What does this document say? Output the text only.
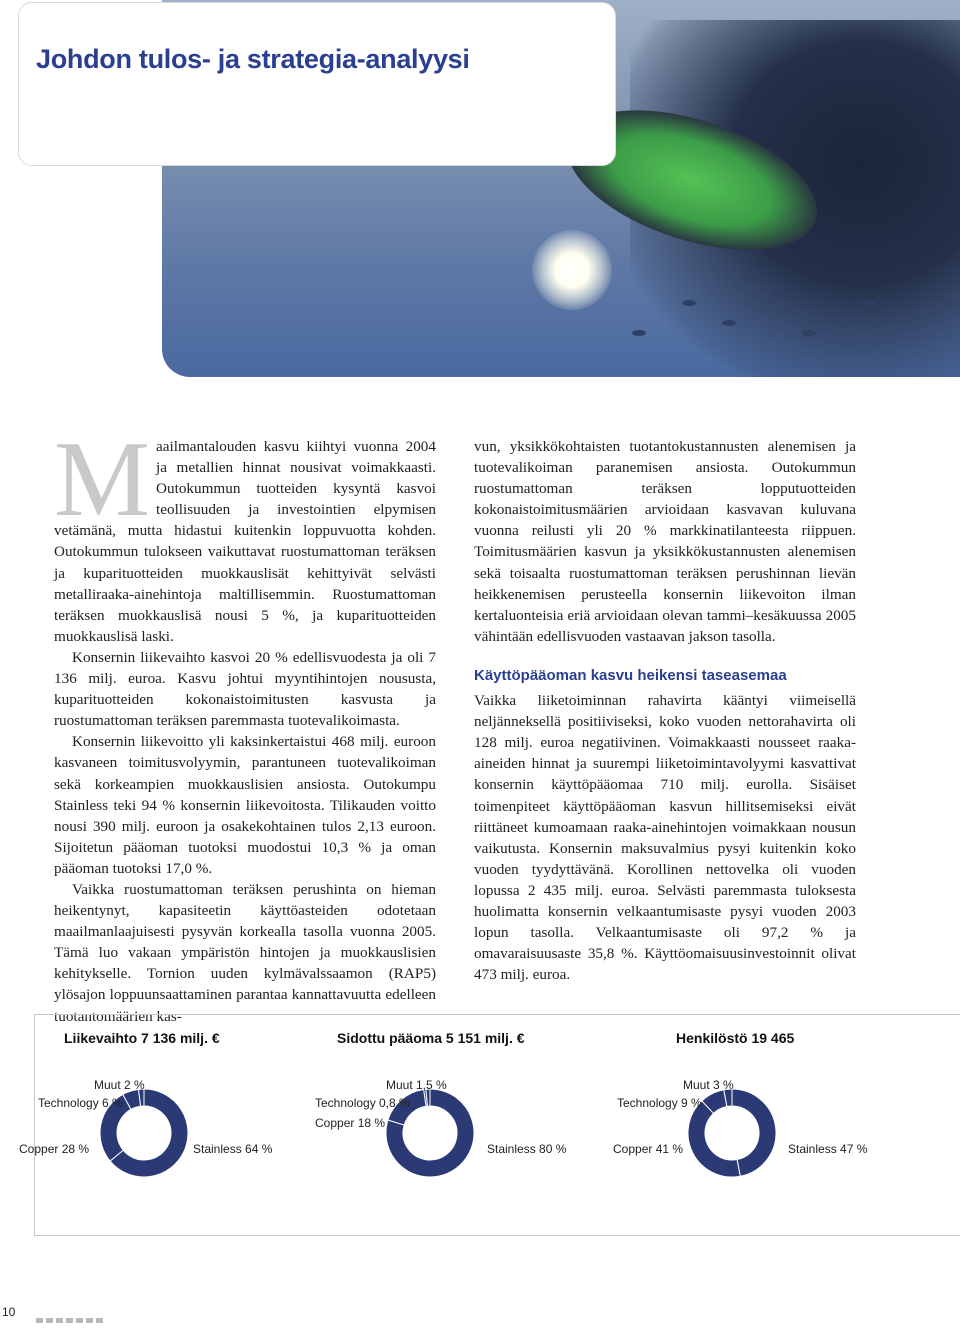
Johdon tulos- ja strategia-analyysi
M aailmantalouden kasvu kiihtyi vuonna 2004 ja metallien hinnat nousivat voimakkaasti. Outokummun tuotteiden kysyntä kasvoi teollisuuden ja investointien elpymisen vetämänä, mutta hidastui kuitenkin loppuvuotta kohden. Outokummun tulokseen vaikuttavat ruostumattoman teräksen ja kuparituotteiden muokkauslisät kehittyivät selvästi metalliraaka-ainehintoja maltillisemmin. Ruostumattoman teräksen muokkauslisä nousi 5 %, ja kuparituotteiden muokkauslisä laski.

Konsernin liikevaihto kasvoi 20 % edellisvuodesta ja oli 7 136 milj. euroa. Kasvu johtui myyntihintojen noususta, kuparituotteiden kokonaistoimitusten kasvusta ja ruostumattoman teräksen paremmasta tuotevalikoimasta.

Konsernin liikevoitto yli kaksinkertaistui 468 milj. euroon kasvaneen toimitusvolyymin, parantuneen tuotevalikoiman sekä korkeampien muokkauslisien ansiosta. Outokumpu Stainless teki 94 % konsernin liikevoitosta. Tilikauden voitto nousi 390 milj. euroon ja osakekohtainen tulos 2,13 euroon. Sijoitetun pääoman tuotoksi muodostui 10,3 % ja oman pääoman tuotoksi 17,0 %.

Vaikka ruostumattoman teräksen perushinta on hieman heikentynyt, kapasiteetin käyttöasteiden odotetaan maailmanlaajuisesti pysyvän korkealla tasolla vuonna 2005. Tämä luo vakaan ympäristön hintojen ja muokkauslisien kehitykselle. Tornion uuden kylmävalssaamon (RAP5) ylösajon loppuunsaattaminen parantaa kannattavuutta edelleen tuotantomäärien kas-

vun, yksikkökohtaisten tuotantokustannusten alenemisen ja tuotevalikoiman paranemisen ansiosta. Outokummun ruostumattoman teräksen lopputuotteiden kokonaistoimitusmäärien arvioidaan kasvavan kuluvana vuonna reilusti yli 20 % markkinatilanteesta riippuen. Toimitusmäärien kasvun ja yksikkökustannusten alenemisen sekä toisaalta ruostumattoman teräksen perushinnan lievän heikkenemisen perusteella konsernin liikevoiton ilman kertaluonteisia eriä arvioidaan olevan tammi–kesäkuussa 2005 vähintään edellisvuoden vastaavan jakson tasolla.

Käyttöpääoman kasvu heikensi taseasemaa

Vaikka liiketoiminnan rahavirta kääntyi viimeisellä neljänneksellä positiiviseksi, koko vuoden nettorahavirta oli 128 milj. euroa negatiivinen. Voimakkaasti nousseet raaka-aineiden hinnat ja suurempi liiketoimintavolyymi kasvattivat konsernin käyttöpääomaa 710 milj. eurolla. Sisäiset toimenpiteet käyttöpääoman kasvun hillitsemiseksi eivät riittäneet kumoamaan raaka-ainehintojen voimakkaan nousun vaikutusta. Konsernin maksuvalmius pysyi kuitenkin koko vuoden tyydyttävänä. Korollinen nettovelka oli vuoden lopussa 2 435 milj. euroa. Selvästi paremmasta tuloksesta huolimatta konsernin velkaantumisaste pysyi vuoden 2003 lopun tasolla. Velkaantumisaste oli 97,2 % ja omavaraisuusaste 35,8 %. Käyttöomaisuusinvestoinnit olivat 473 milj. euroa.

Liikevaihto 7 136 milj. €	Sidottu pääoma 5 151 milj. €	Henkilöstö 19 465
Muut 2 %
Technology 6 %
Copper 28 %	Stainless 64 %
Muut 1,5 %
Technology 0,8 %
Copper 18 %
Stainless 80 %
Muut 3 %
Technology 9 %
Copper 41 %	Stainless 47 %
10
